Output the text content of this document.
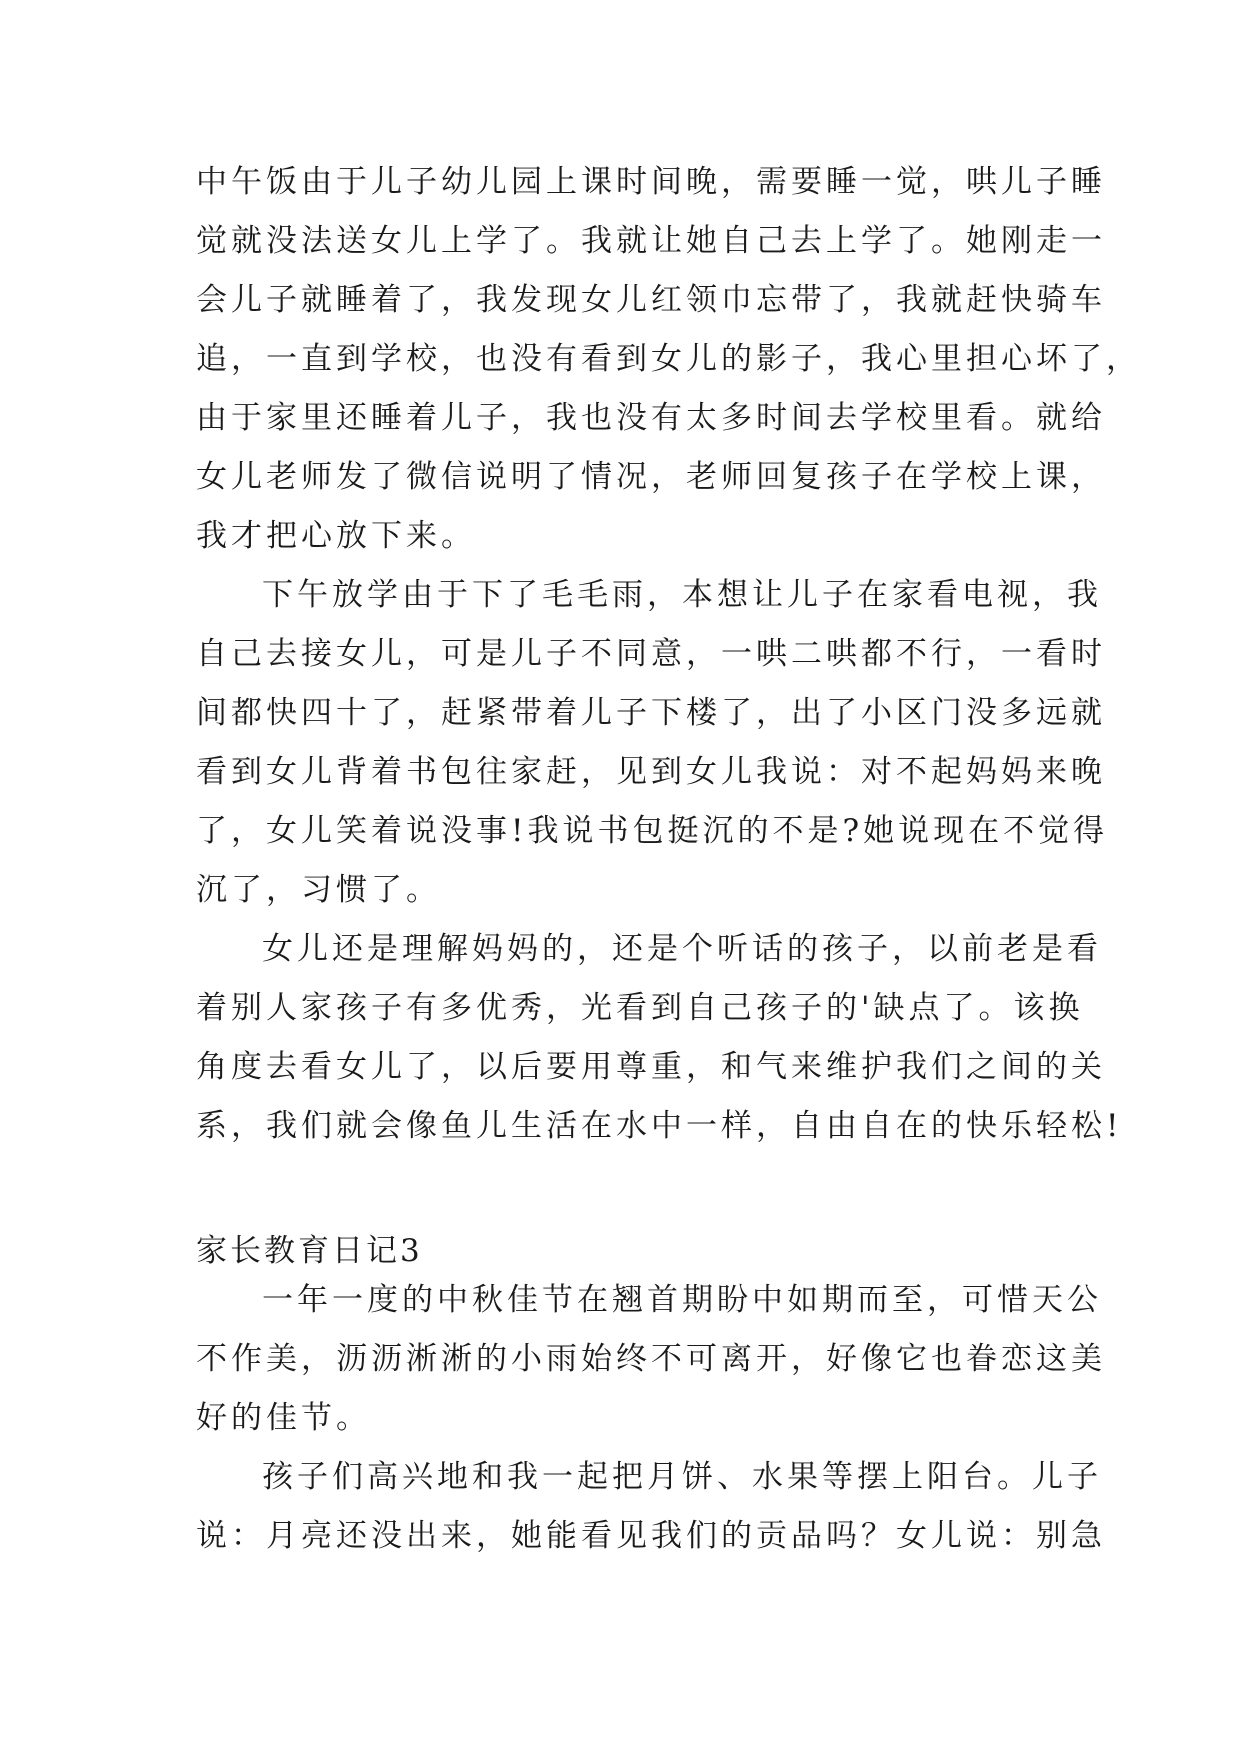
中午饭由于儿子幼儿园上课时间晚，需要睡一觉，哄儿子睡
觉就没法送女儿上学了。我就让她自己去上学了。她刚走一
会儿子就睡着了，我发现女儿红领巾忘带了，我就赶快骑车
追，一直到学校，也没有看到女儿的影子，我心里担心坏了，
由于家里还睡着儿子，我也没有太多时间去学校里看。就给
女儿老师发了微信说明了情况，老师回复孩子在学校上课，
我才把心放下来。
下午放学由于下了毛毛雨，本想让儿子在家看电视，我
自己去接女儿，可是儿子不同意，一哄二哄都不行，一看时
间都快四十了，赶紧带着儿子下楼了，出了小区门没多远就
看到女儿背着书包往家赶，见到女儿我说：对不起妈妈来晚
了，女儿笑着说没事!我说书包挺沉的不是?她说现在不觉得
沉了，习惯了。
女儿还是理解妈妈的，还是个听话的孩子，以前老是看
着别人家孩子有多优秀，光看到自己孩子的'缺点了。该换
角度去看女儿了，以后要用尊重，和气来维护我们之间的关
系，我们就会像鱼儿生活在水中一样，自由自在的快乐轻松!
家长教育日记3
一年一度的中秋佳节在翘首期盼中如期而至，可惜天公
不作美，沥沥淅淅的小雨始终不可离开，好像它也眷恋这美
好的佳节。
孩子们高兴地和我一起把月饼、水果等摆上阳台。儿子
说：月亮还没出来，她能看见我们的贡品吗？女儿说：别急
